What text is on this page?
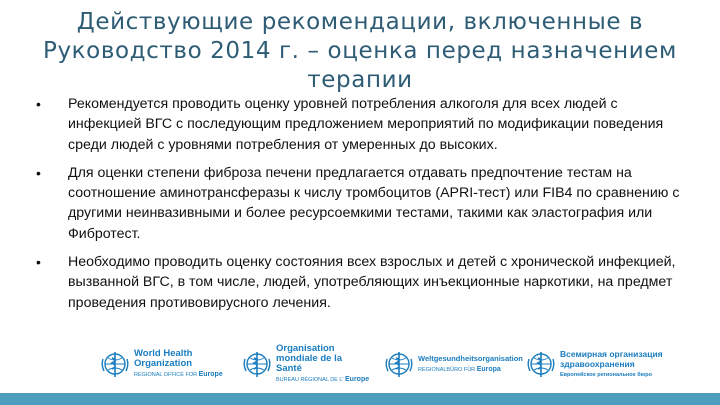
Действующие рекомендации, включенные в Руководство 2014 г. – оценка перед назначением терапии
• Рекомендуется проводить оценку уровней потребления алкоголя для всех людей с инфекцией ВГС с последующим предложением мероприятий по модификации поведения среди людей с уровнями потребления от умеренных до высоких.
• Для оценки степени фиброза печени предлагается отдавать предпочтение тестам на соотношение аминотрансферазы к числу тромбоцитов (APRI-тест) или FIB4 по сравнению с другими неинвазивными и более ресурсоемкими тестами, такими как эластография или Фибротест.
• Необходимо проводить оценку состояния всех взрослых и детей с хронической инфекцией, вызванной ВГС, в том числе, людей, употребляющих инъекционные наркотики, на предмет проведения противовирусного лечения.
World Health
Organization
REGIONAL OFFICE FOR Europe
Organisation
mondiale de la Santé
BUREAU RÉGIONAL DE L' Europe
Weltgesundheitsorganisation
REGIONALBÜRO FÜR Europa
Всемирная организация
здравоохранения
Европейское региональное бюро
